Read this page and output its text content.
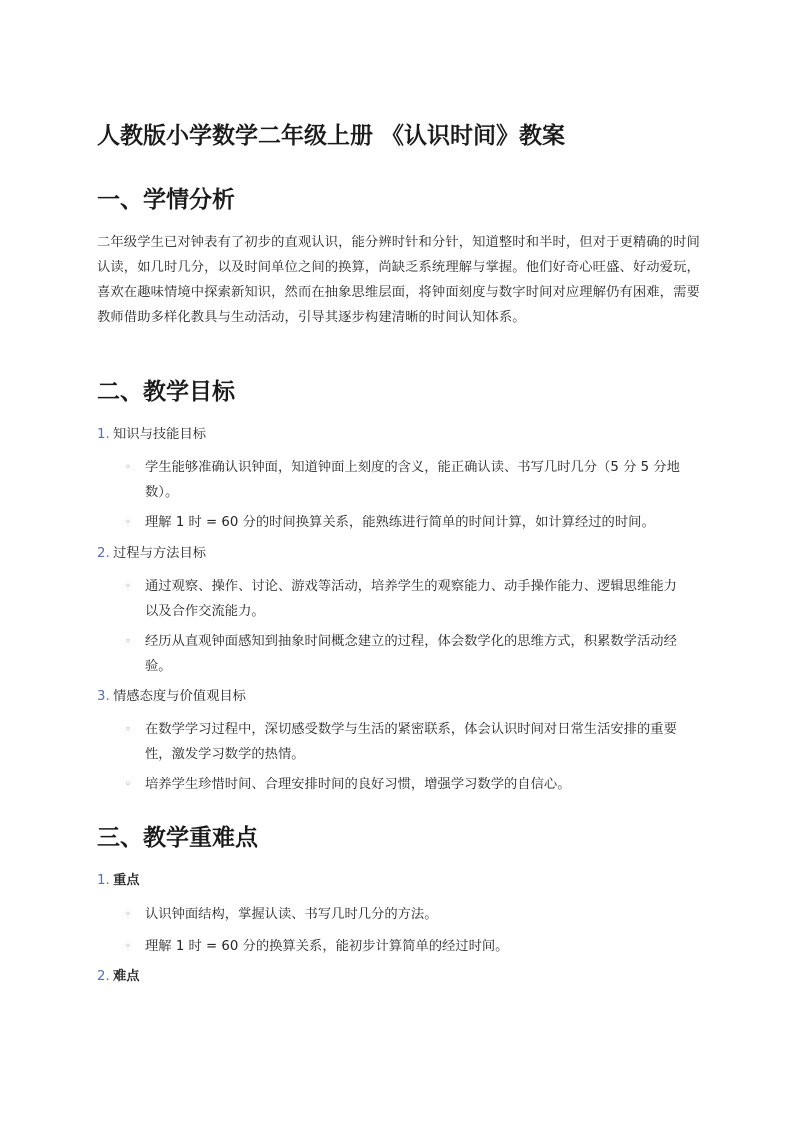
人教版小学数学二年级上册 《认识时间》教案
一、学情分析

二年级学生已对钟表有了初步的直观认识，能分辨时针和分针，知道整时和半时，但对于更精确的时间认读，如几时几分，以及时间单位之间的换算，尚缺乏系统理解与掌握。他们好奇心旺盛、好动爱玩，喜欢在趣味情境中探索新知识，然而在抽象思维层面，将钟面刻度与数字时间对应理解仍有困难，需要教师借助多样化教具与生动活动，引导其逐步构建清晰的时间认知体系。

二、教学目标
1. 知识与技能目标
◦ 学生能够准确认识钟面，知道钟面上刻度的含义，能正确认读、书写几时几分（5 分 5 分地数）。
◦ 理解 1 时 = 60 分的时间换算关系，能熟练进行简单的时间计算，如计算经过的时间。
2. 过程与方法目标
◦ 通过观察、操作、讨论、游戏等活动，培养学生的观察能力、动手操作能力、逻辑思维能力以及合作交流能力。
◦ 经历从直观钟面感知到抽象时间概念建立的过程，体会数学化的思维方式，积累数学活动经验。
3. 情感态度与价值观目标
◦ 在数学学习过程中，深切感受数学与生活的紧密联系，体会认识时间对日常生活安排的重要性，激发学习数学的热情。
◦ 培养学生珍惜时间、合理安排时间的良好习惯，增强学习数学的自信心。
三、教学重难点
1. 重点
◦ 认识钟面结构，掌握认读、书写几时几分的方法。
◦ 理解 1 时 = 60 分的换算关系，能初步计算简单的经过时间。
2. 难点
